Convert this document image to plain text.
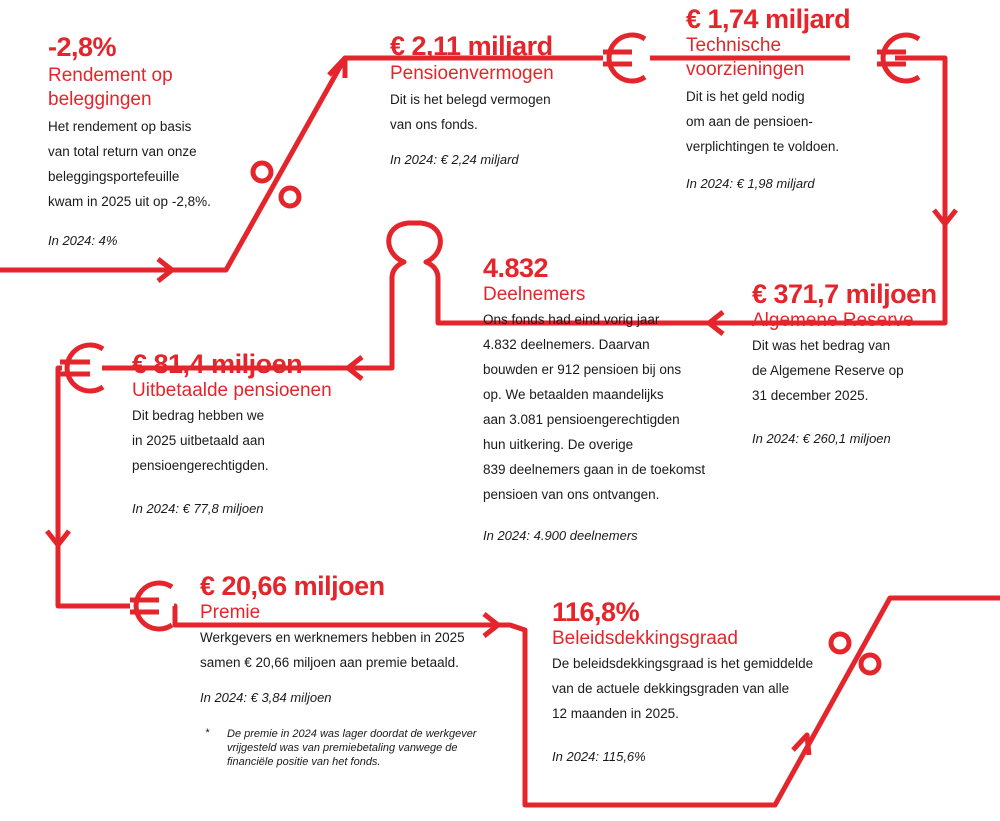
-2,8%
Rendement op
beleggingen
Het rendement op basis
van total return van onze
beleggingsportefeuille
kwam in 2025 uit op -2,8%.
In 2024: 4%
€ 2,11 miljard
Pensioenvermogen
Dit is het belegd vermogen
van ons fonds.
In 2024: € 2,24 miljard
€ 1,74 miljard
Technische
voorzieningen
Dit is het geld nodig
om aan de pensioen-
verplichtingen te voldoen.
In 2024: € 1,98 miljard
4.832
Deelnemers
Ons fonds had eind vorig jaar
4.832 deelnemers. Daarvan
bouwden er 912 pensioen bij ons
op. We betaalden maandelijks
aan 3.081 pensioengerechtigden
hun uitkering. De overige
839 deelnemers gaan in de toekomst
pensioen van ons ontvangen.
In 2024: 4.900 deelnemers
€ 371,7 miljoen
Algemene Reserve
Dit was het bedrag van
de Algemene Reserve op
31 december 2025.
In 2024: € 260,1 miljoen
€ 81,4 miljoen
Uitbetaalde pensioenen
Dit bedrag hebben we
in 2025 uitbetaald aan
pensioengerechtigden.
In 2024: € 77,8 miljoen
€ 20,66 miljoen
Premie
Werkgevers en werknemers hebben in 2025
samen € 20,66 miljoen aan premie betaald.
In 2024: € 3,84 miljoen
* De premie in 2024 was lager doordat de werkgever
vrijgesteld was van premiebetaling vanwege de
financiële positie van het fonds.
116,8%
Beleidsdekkingsgraad
De beleidsdekkingsgraad is het gemiddelde
van de actuele dekkingsgraden van alle
12 maanden in 2025.
In 2024: 115,6%
